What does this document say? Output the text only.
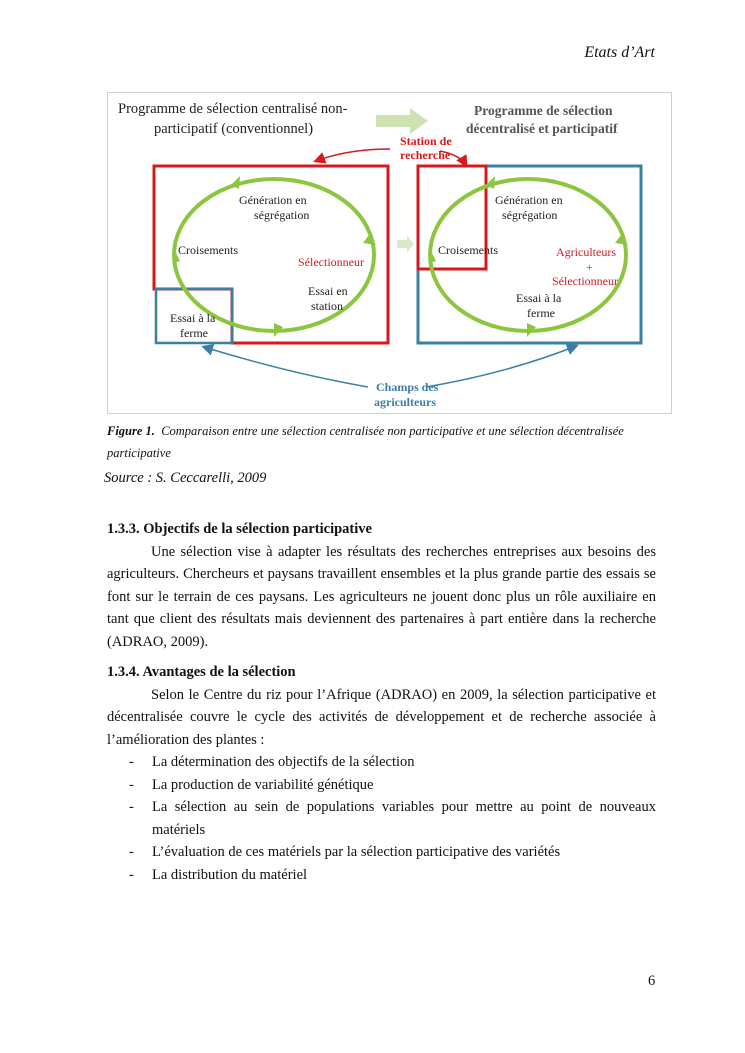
Etats d’Art
Programme de sélection centralisé non-
participatif (conventionnel)
Programme de sélection
décentralisé et participatif
Station de
recherche
Génération en
ségrégation
Croisements
Sélectionneur
Essai en
station
Essai à la
ferme
Génération en
ségrégation
Croisements	Agriculteurs
+
Sélectionneur
Essai à la
ferme
Champs des
agriculteurs
Figure 1. Comparaison entre une sélection centralisée non participative et une sélection décentralisée participative
Source : S. Ceccarelli, 2009
1.3.3. Objectifs de la sélection participative

Une sélection vise à adapter les résultats des recherches entreprises aux besoins des agriculteurs. Chercheurs et paysans travaillent ensembles et la plus grande partie des essais se font sur le terrain de ces paysans. Les agriculteurs ne jouent donc plus un rôle auxiliaire en tant que client des résultats mais deviennent des partenaires à part entière dans la recherche (ADRAO, 2009).

1.3.4. Avantages de la sélection

Selon le Centre du riz pour l’Afrique (ADRAO) en 2009, la sélection participative et décentralisée couvre le cycle des activités de développement et de recherche associée à l’amélioration des plantes :

- La détermination des objectifs de la sélection
- La production de variabilité génétique
- La sélection au sein de populations variables pour mettre au point de nouveaux matériels
- L’évaluation de ces matériels par la sélection participative des variétés
- La distribution du matériel
6
